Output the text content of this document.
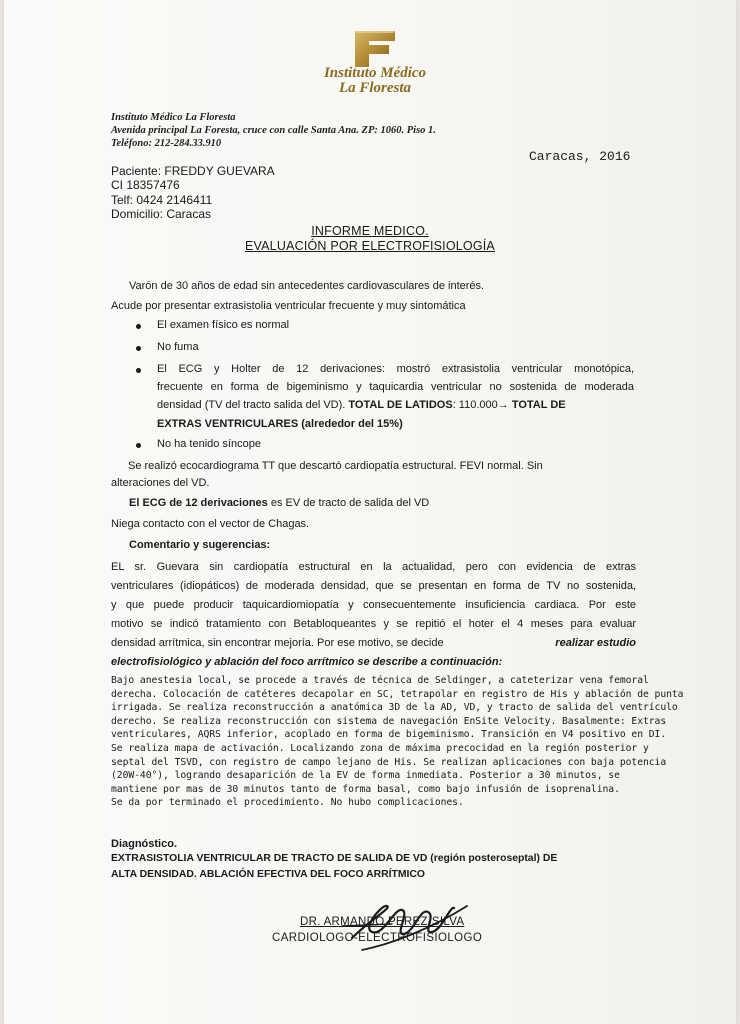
Instituto Médico
La Floresta
Instituto Médico La Floresta
Avenida principal La Foresta, cruce con calle Santa Ana. ZP: 1060. Piso 1.
Teléfono: 212-284.33.910
Caracas, 2016
Paciente: FREDDY GUEVARA
CI 18357476
Telf: 0424 2146411
Domicilio: Caracas
INFORME MEDICO.
EVALUACIÓN POR ELECTROFISIOLOGÍA
Varón de 30 años de edad sin antecedentes cardiovasculares de interés.
Acude por presentar extrasistolia ventricular frecuente y muy sintomática
El examen físico es normal
No fuma
El ECG y Holter de 12 derivaciones: mostró extrasistolia ventricular monotópica,
frecuente en forma de bigeminismo y taquicardia ventricular no sostenida de moderada
densidad (TV del tracto salida del VD). TOTAL DE LATIDOS: 110.000→ TOTAL DE
EXTRAS VENTRICULARES (alrededor del 15%)
No ha tenido síncope
Se realizó ecocardiograma TT que descartó cardiopatía estructural. FEVI normal. Sin
alteraciones del VD.
El ECG de 12 derivaciones es EV de tracto de salida del VD
Niega contacto con el vector de Chagas.
Comentario y sugerencias:
EL sr. Guevara sin cardiopatía estructural en la actualidad, pero con evidencia de extras
ventriculares (idiopáticos) de moderada densidad, que se presentan en forma de TV no sostenida,
y que puede producir taquicardiomiopatía y consecuentemente insuficiencia cardiaca. Por este
motivo se indicó tratamiento con Betabloqueantes y se repitió el hoter el 4 meses para evaluar
densidad arrítmica, sin encontrar mejoría. Por ese motivo, se decide	realizar estudio
electrofisiológico y ablación del foco arrítmico se describe a continuación:
Bajo anestesia local, se procede a través de técnica de Seldinger, a cateterizar vena femoral
derecha. Colocación de catéteres decapolar en SC, tetrapolar en registro de His y ablación de punta
irrigada. Se realiza reconstrucción a anatómica 3D de la AD, VD, y tracto de salida del ventrículo
derecho. Se realiza reconstrucción con sistema de navegación EnSite Velocity. Basalmente: Extras
ventriculares, AQRS inferior, acoplado en forma de bigeminismo. Transición en V4 positivo en DI.
Se realiza mapa de activación. Localizando zona de máxima precocidad en la región posterior y
septal del TSVD, con registro de campo lejano de His. Se realizan aplicaciones con baja potencia
(20W-40°), logrando desaparición de la EV de forma inmediata. Posterior a 30 minutos, se
mantiene por mas de 30 minutos tanto de forma basal, como bajo infusión de isoprenalina.
Se da por terminado el procedimiento. No hubo complicaciones.
Diagnóstico.
EXTRASISTOLIA VENTRICULAR DE TRACTO DE SALIDA DE VD (región posteroseptal) DE
ALTA DENSIDAD. ABLACIÓN EFECTIVA DEL FOCO ARRÍTMICO
DR. ARMANDO PEREZ-SILVA
CARDIOLOGO-ELECTROFISIOLOGO
